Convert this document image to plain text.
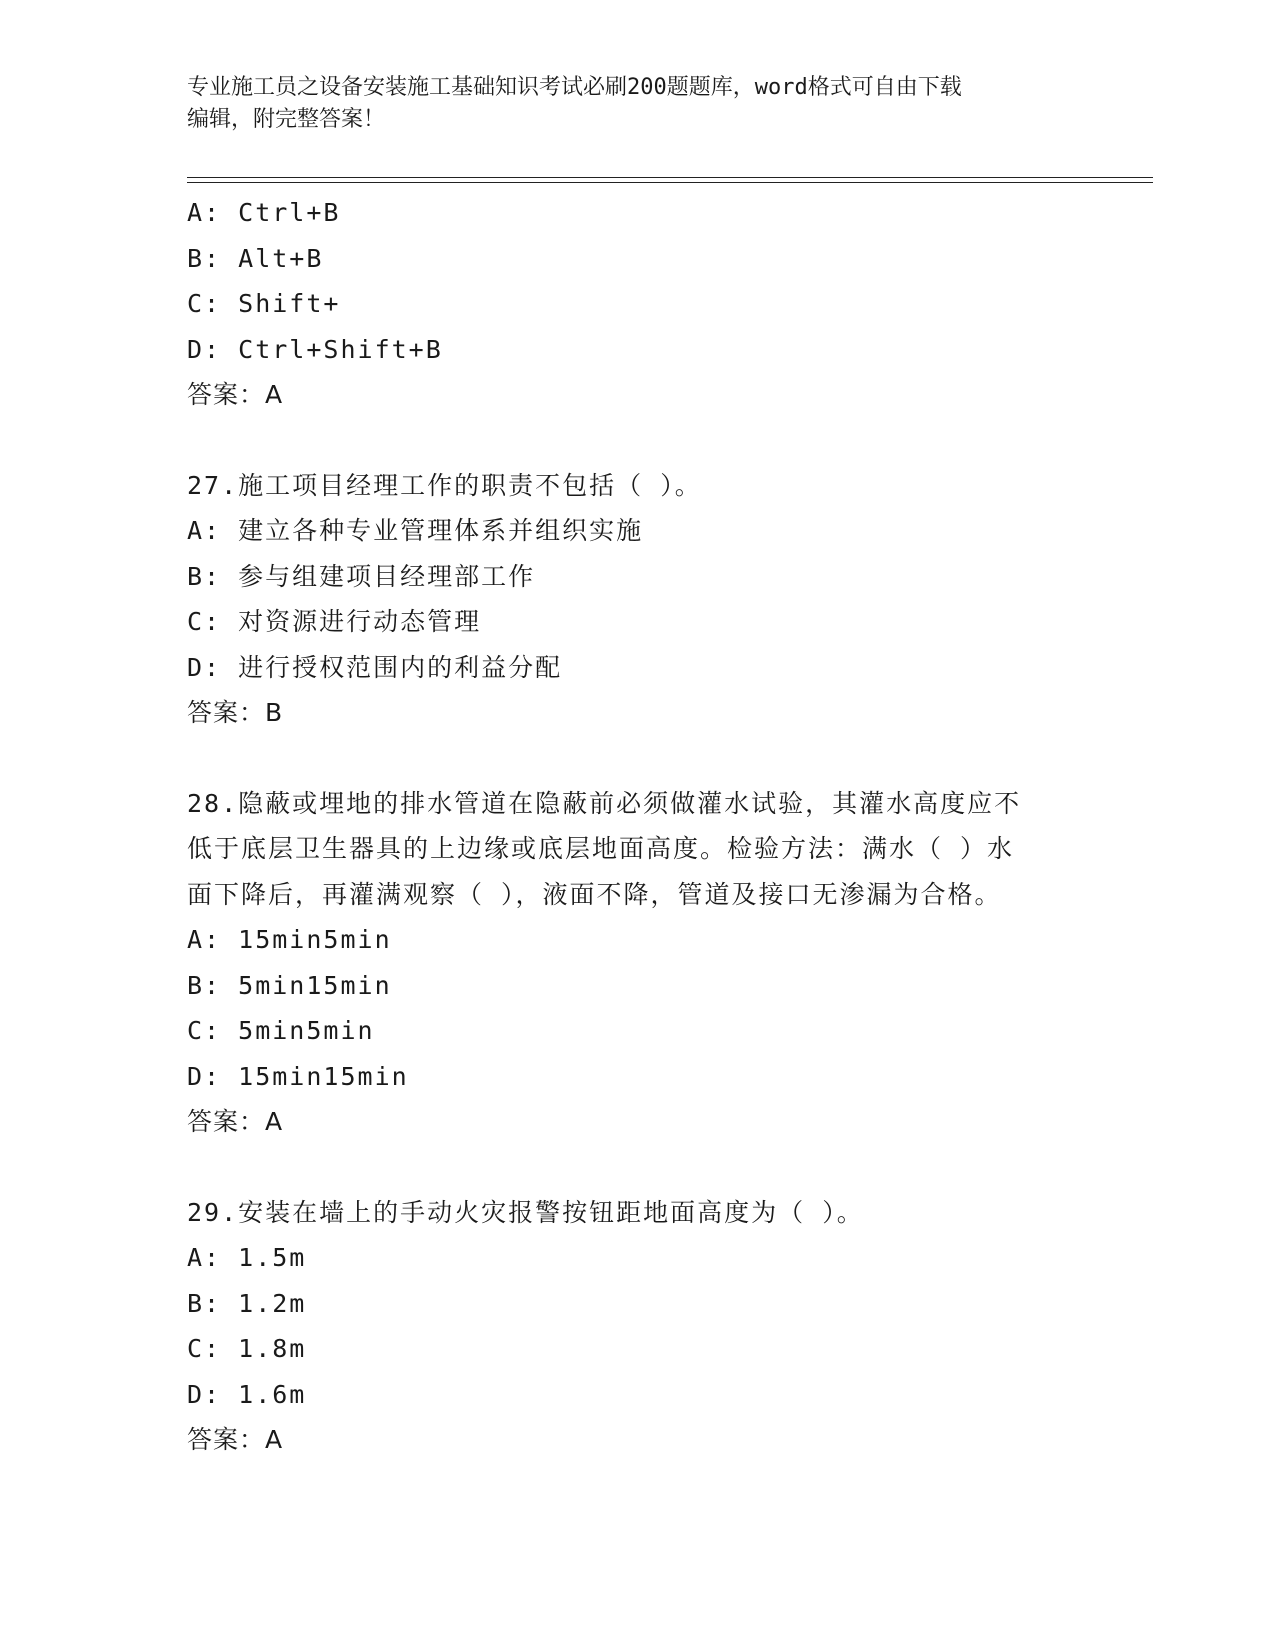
专业施工员之设备安装施工基础知识考试必刷200题题库，word格式可自由下载
编辑，附完整答案！
A: Ctrl+B
B: Alt+B
C: Shift+
D: Ctrl+Shift+B
答案：A
27.施工项目经理工作的职责不包括（ ）。
A: 建立各种专业管理体系并组织实施
B: 参与组建项目经理部工作
C: 对资源进行动态管理
D: 进行授权范围内的利益分配
答案：B
28.隐蔽或埋地的排水管道在隐蔽前必须做灌水试验，其灌水高度应不
低于底层卫生器具的上边缘或底层地面高度。检验方法：满水（ ）水
面下降后，再灌满观察（ ），液面不降，管道及接口无渗漏为合格。
A: 15min5min
B: 5min15min
C: 5min5min
D: 15min15min
答案：A
29.安装在墙上的手动火灾报警按钮距地面高度为（ ）。
A: 1.5m
B: 1.2m
C: 1.8m
D: 1.6m
答案：A
